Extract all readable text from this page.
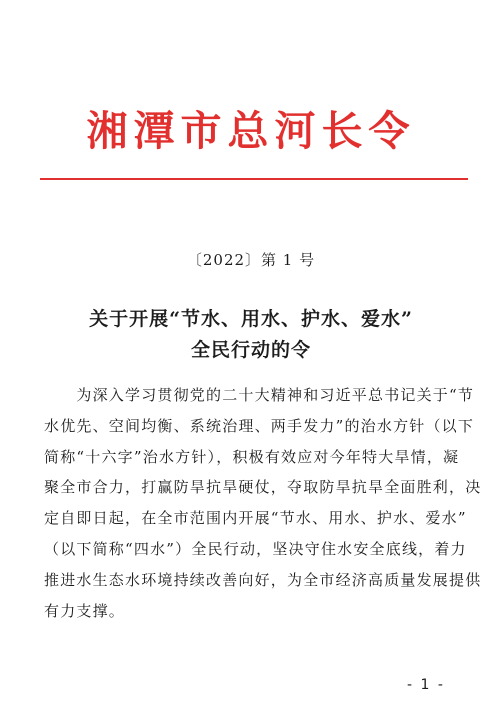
湘潭市总河长令
〔2022〕第 1 号
关于开展“节水、用水、护水、爱水”
全民行动的令
　　为深入学习贯彻党的二十大精神和习近平总书记关于“节
水优先、空间均衡、系统治理、两手发力”的治水方针（以下
简称“十六字”治水方针），积极有效应对今年特大旱情，凝
聚全市合力，打赢防旱抗旱硬仗，夺取防旱抗旱全面胜利，决
定自即日起，在全市范围内开展“节水、用水、护水、爱水”
（以下简称“四水”）全民行动，坚决守住水安全底线，着力
推进水生态水环境持续改善向好，为全市经济高质量发展提供
有力支撑。
- 1 -
